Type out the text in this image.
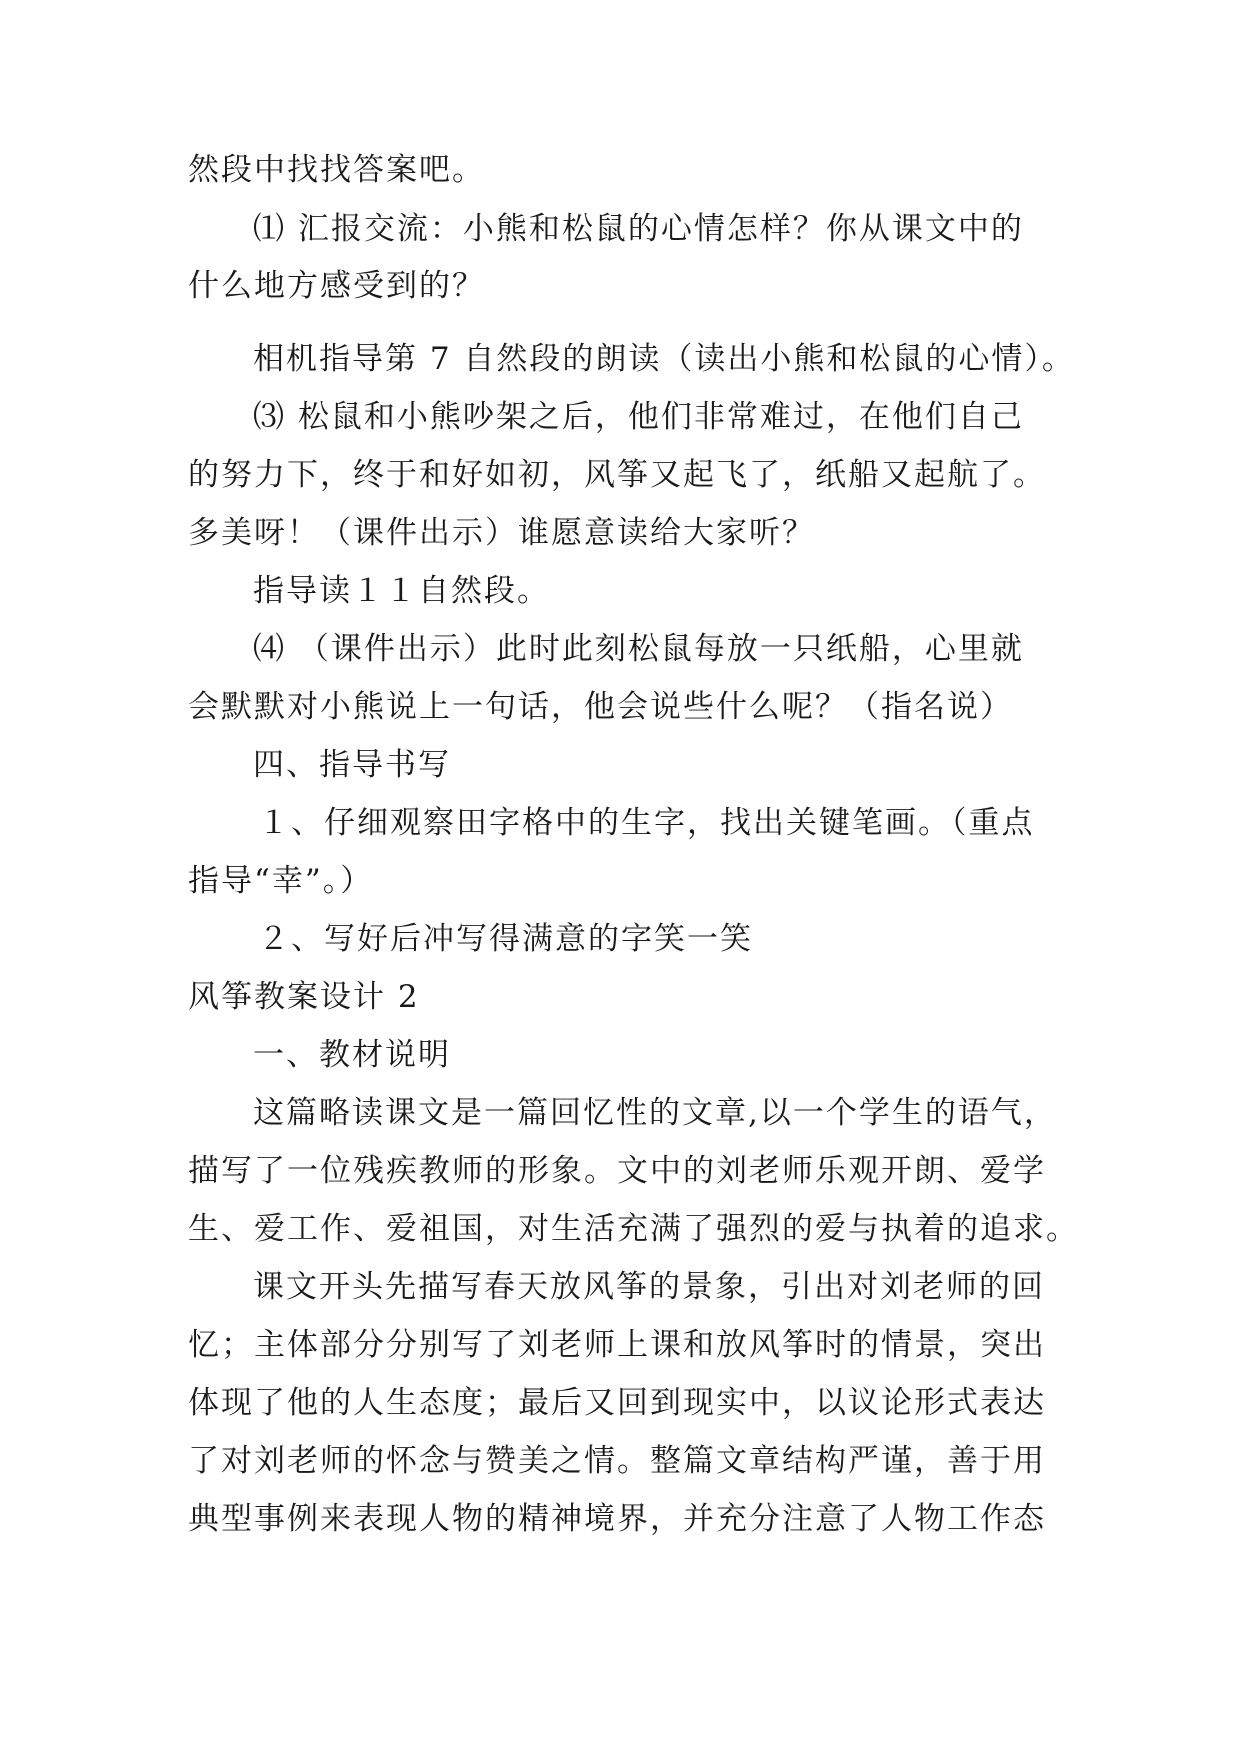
然段中找找答案吧。
⑴ 汇报交流：小熊和松鼠的心情怎样？你从课文中的
什么地方感受到的？
相机指导第 7 自然段的朗读（读出小熊和松鼠的心情）。
⑶ 松鼠和小熊吵架之后，他们非常难过，在他们自己
的努力下，终于和好如初，风筝又起飞了，纸船又起航了。
多美呀！（课件出示）谁愿意读给大家听？
指导读１１自然段。
⑷ （课件出示）此时此刻松鼠每放一只纸船，心里就
会默默对小熊说上一句话，他会说些什么呢？（指名说）
四、指导书写
１、仔细观察田字格中的生字，找出关键笔画。（重点
指导“幸”。）
２、写好后冲写得满意的字笑一笑
风筝教案设计 2
一、教材说明
这篇略读课文是一篇回忆性的文章,以一个学生的语气，
描写了一位残疾教师的形象。文中的刘老师乐观开朗、爱学
生、爱工作、爱祖国，对生活充满了强烈的爱与执着的追求。
课文开头先描写春天放风筝的景象，引出对刘老师的回
忆；主体部分分别写了刘老师上课和放风筝时的情景，突出
体现了他的人生态度；最后又回到现实中，以议论形式表达
了对刘老师的怀念与赞美之情。整篇文章结构严谨，善于用
典型事例来表现人物的精神境界，并充分注意了人物工作态
